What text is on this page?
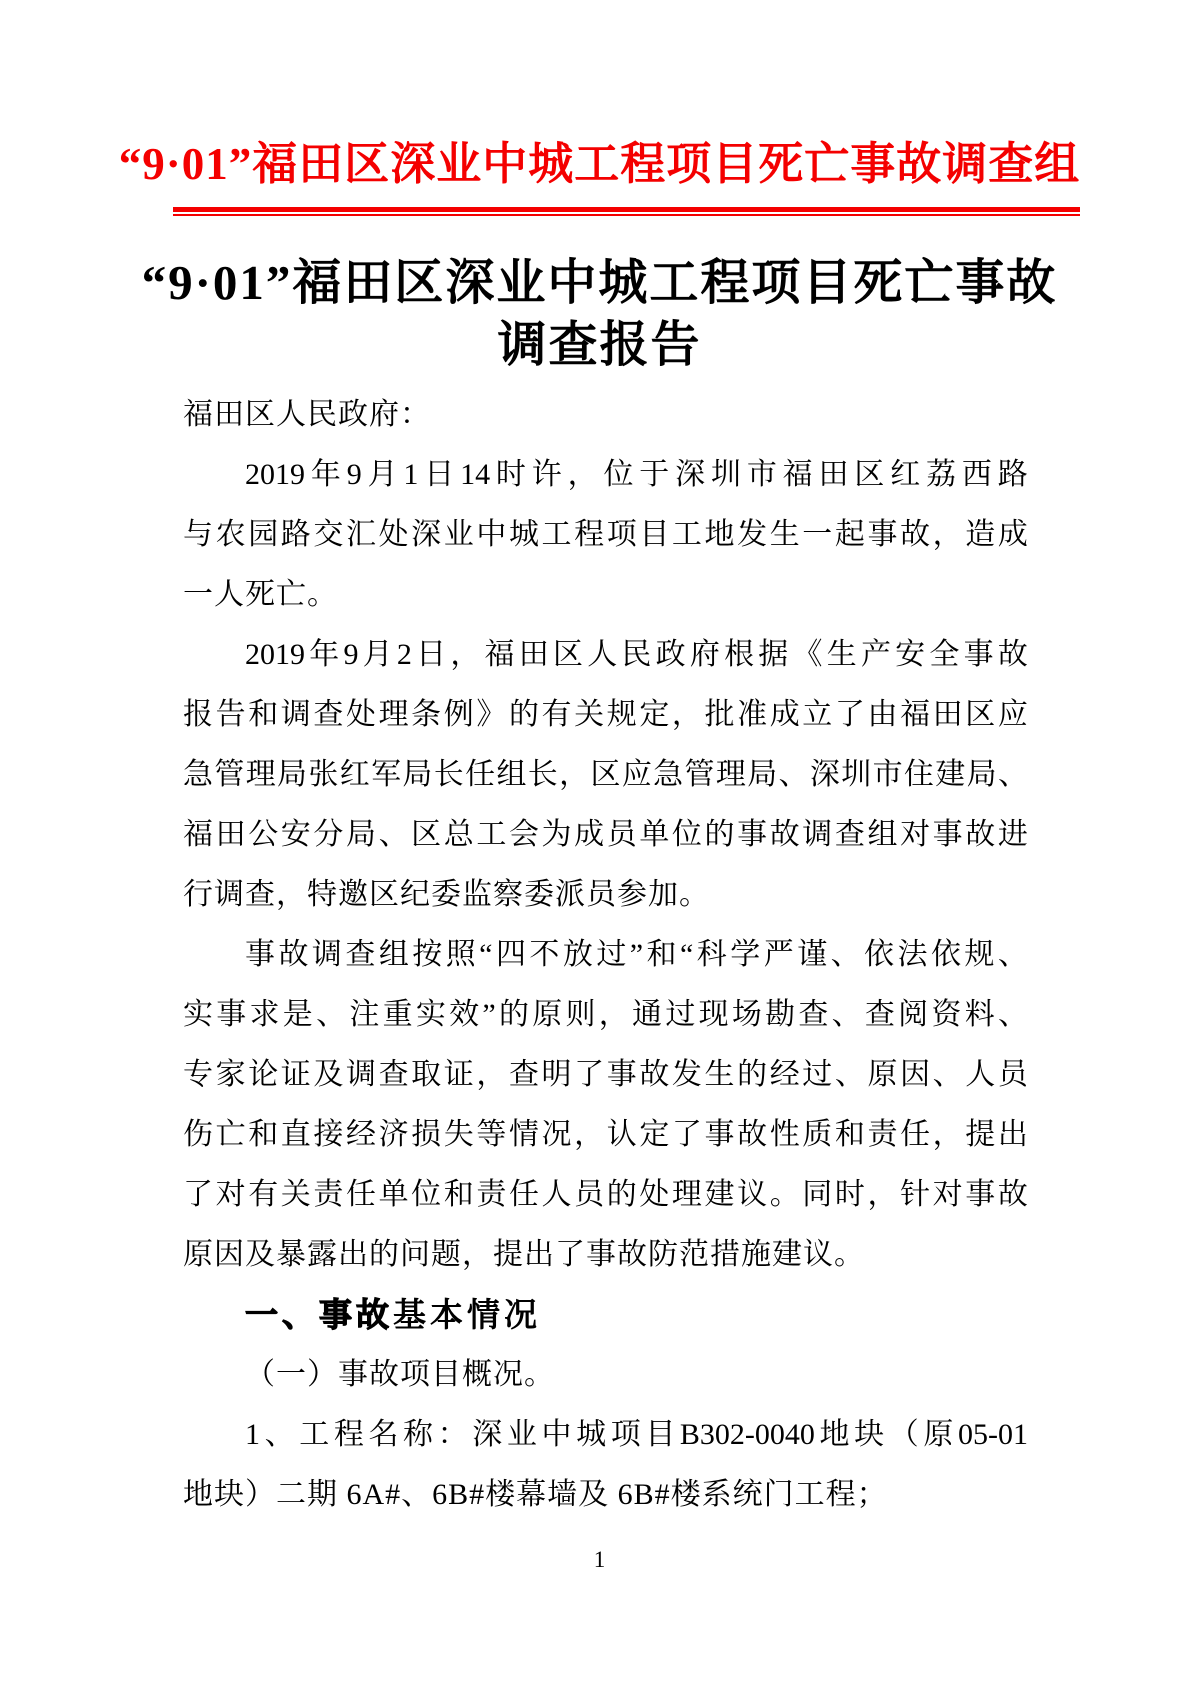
“9·01”福田区深业中城工程项目死亡事故调查组
“9·01”福田区深业中城工程项目死亡事故
调查报告
福田区人民政府：
2019 年 9 月 1 日 14 时 许 ， 位 于 深 圳 市 福 田 区 红 荔 西 路
与 农 园 路 交 汇 处 深 业 中 城 工 程 项 目 工 地 发 生 一 起 事 故 ， 造 成
一人死亡。
2019 年 9 月 2 日 ， 福 田 区 人 民 政 府 根 据 《 生 产 安 全 事 故
报 告 和 调 查 处 理 条 例 》 的 有 关 规 定 ， 批 准 成 立 了 由 福 田 区 应
急 管 理 局 张 红 军 局 长 任 组 长 ， 区 应 急 管 理 局 、 深 圳 市 住 建 局 、
福 田 公 安 分 局 、 区 总 工 会 为 成 员 单 位 的 事 故 调 查 组 对 事 故 进
行调查，特邀区纪委监察委派员参加。
事 故 调 查 组 按 照 “ 四 不 放 过 ” 和 “ 科 学 严 谨 、 依 法 依 规 、
实 事 求 是 、 注 重 实 效 ” 的 原 则 ， 通 过 现 场 勘 查 、 查 阅 资 料 、
专 家 论 证 及 调 查 取 证 ， 查 明 了 事 故 发 生 的 经 过 、 原 因 、 人 员
伤 亡 和 直 接 经 济 损 失 等 情 况 ， 认 定 了 事 故 性 质 和 责 任 ， 提 出
了 对 有 关 责 任 单 位 和 责 任 人 员 的 处 理 建 议 。 同 时 ， 针 对 事 故
原因及暴露出的问题，提出了事故防范措施建议。
一、事故基本情况
（一）事故项目概况。
1 、 工 程 名 称 ： 深 业 中 城 项 目 B302-0040 地 块 （ 原 05-01
地块）二期 6A#、6B#楼幕墙及 6B#楼系统门工程；
1
